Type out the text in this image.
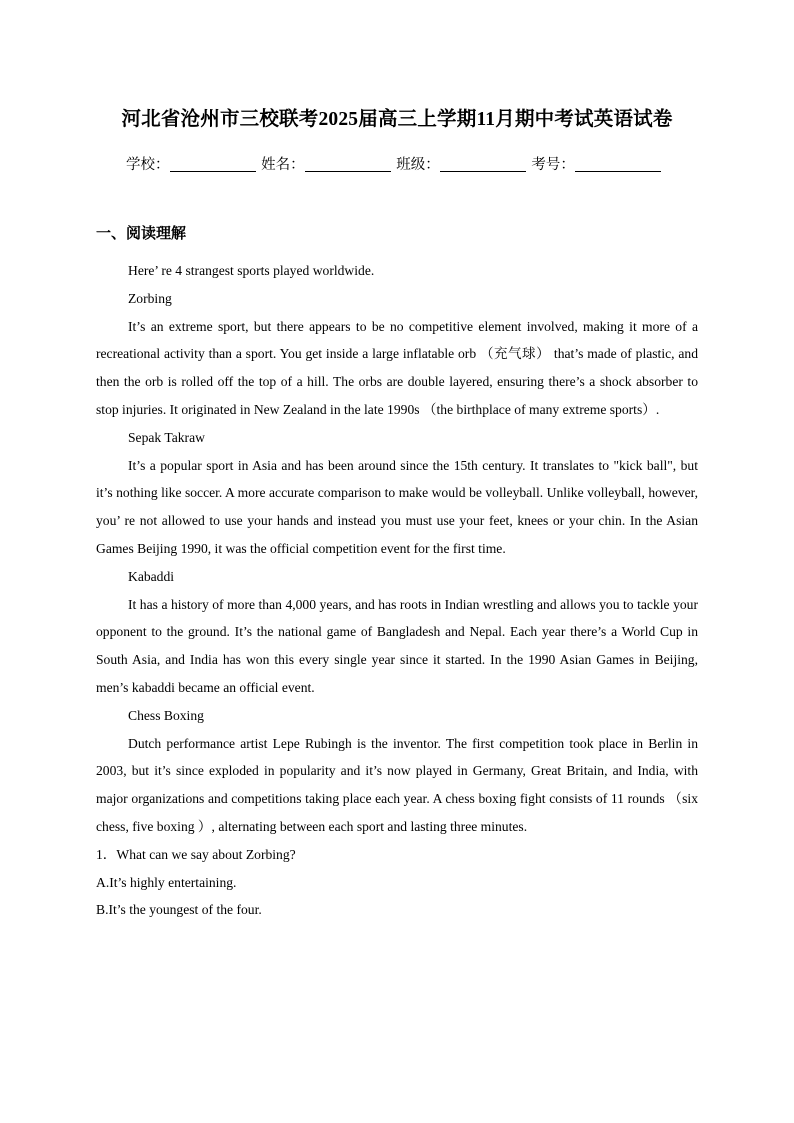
河北省沧州市三校联考2025届高三上学期11月期中考试英语试卷
学校：	姓名：	班级：	考号：
一、阅读理解

Here’ re 4 strangest sports played worldwide.

Zorbing

It’s an extreme sport, but there appears to be no competitive element involved, making it more of a recreational activity than a sport. You get inside a large inflatable orb （充气球） that’s made of plastic, and then the orb is rolled off the top of a hill. The orbs are double layered, ensuring there’s a shock absorber to stop injuries. It originated in New Zealand in the late 1990s （the birthplace of many extreme sports）.

Sepak Takraw

It’s a popular sport in Asia and has been around since the 15th century. It translates to "kick ball", but it’s nothing like soccer. A more accurate comparison to make would be volleyball. Unlike volleyball, however, you’ re not allowed to use your hands and instead you must use your feet, knees or your chin. In the Asian Games Beijing 1990, it was the official competition event for the first time.

Kabaddi

It has a history of more than 4,000 years, and has roots in Indian wrestling and allows you to tackle your opponent to the ground. It’s the national game of Bangladesh and Nepal. Each year there’s a World Cup in South Asia, and India has won this every single year since it started. In the 1990 Asian Games in Beijing, men’s kabaddi became an official event.

Chess Boxing

Dutch performance artist Lepe Rubingh is the inventor. The first competition took place in Berlin in 2003, but it’s since exploded in popularity and it’s now played in Germany, Great Britain, and India, with major organizations and competitions taking place each year. A chess boxing fight consists of 11 rounds （six chess, five boxing ）, alternating between each sport and lasting three minutes.

1．What can we say about Zorbing?

A.It’s highly entertaining.

B.It’s the youngest of the four.
